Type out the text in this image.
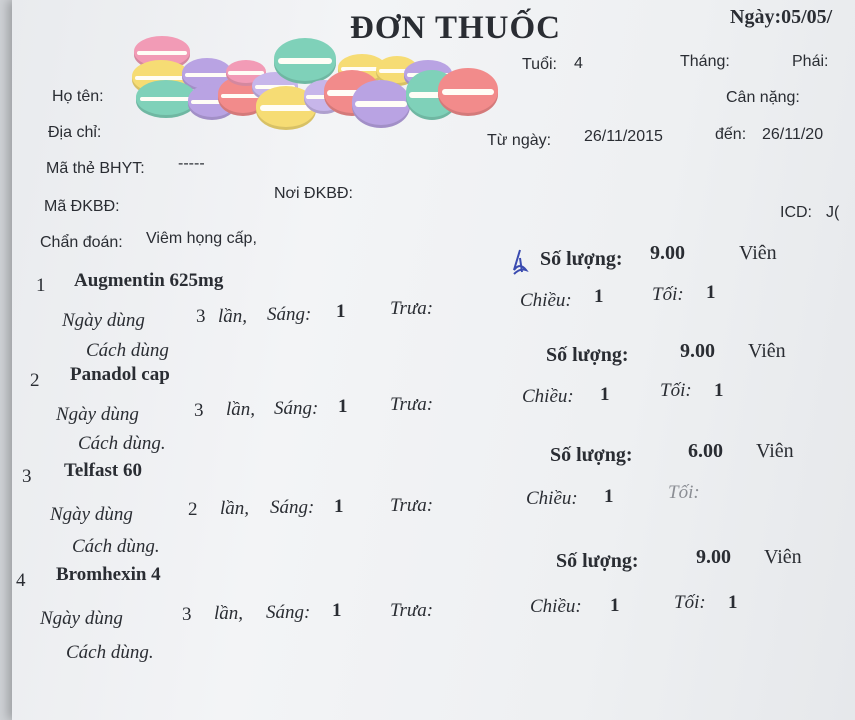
ĐƠN THUỐC	Ngày:05/05/
Họ tên:
Tuổi: 4	Tháng:	Phái:
Cân nặng:
Địa chỉ:	Từ ngày: 26/11/2015	đến: 26/11/20
Mã thẻ BHYT: -----
Mã ĐKBĐ:
Nơi ĐKBĐ:
ICD: J(
Chẩn đoán: Viêm họng cấp,
1 Augmentin 625mg
Số lượng: 9.00	Viên
Ngày dùng	3 lần, Sáng: 1 Trưa:	Chiều: 1	Tối: 1
Cách dùng
2 Panadol cap
Số lượng:	9.00 Viên
Ngày dùng	3 lần, Sáng: 1 Trưa:	Chiều: 1	Tối: 1
Cách dùng.
3 Telfast 60
Số lượng:	6.00 Viên
Ngày dùng	2 lần, Sáng: 1 Trưa:	Chiều: 1	Tối:
Cách dùng.
4 Bromhexin 4
Số lượng:	9.00 Viên
Ngày dùng	3 lần, Sáng: 1	Trưa:	Chiều: 1	Tối: 1
Cách dùng.
